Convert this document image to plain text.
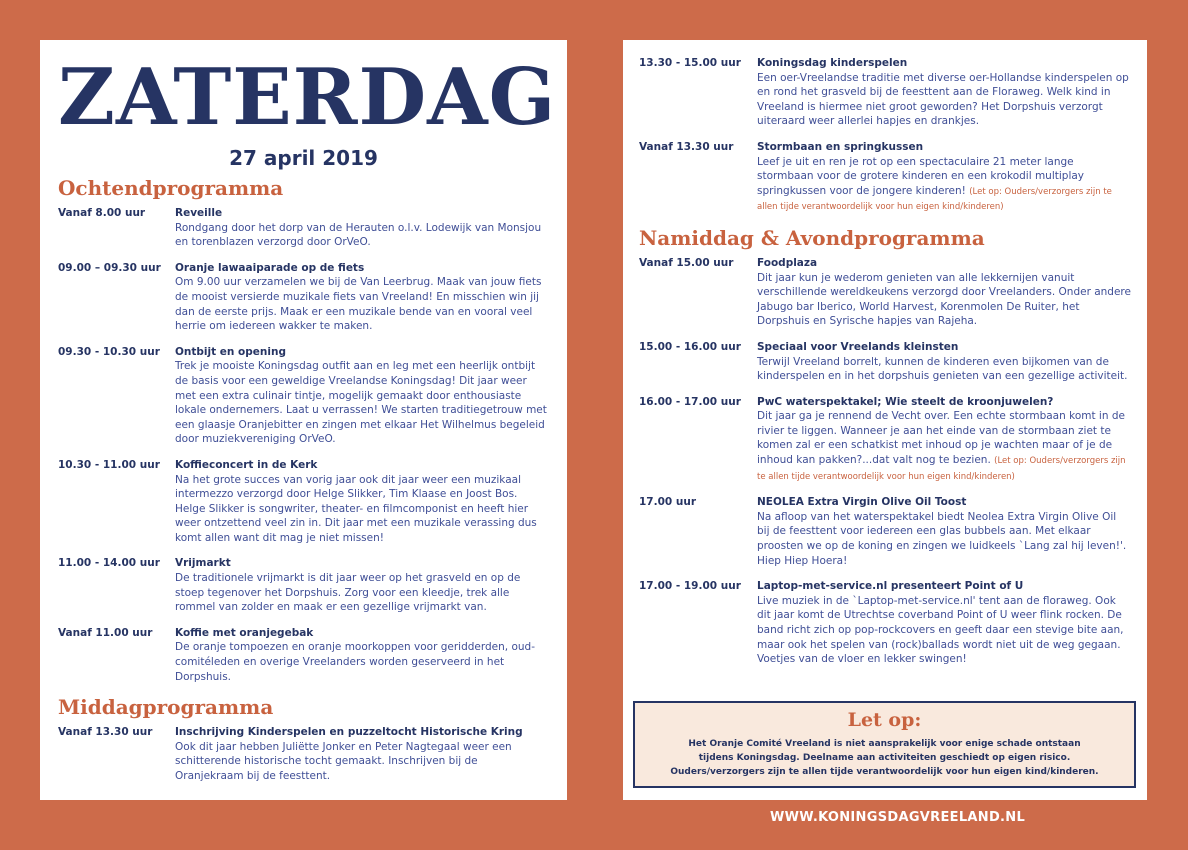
ZATERDAG
27 april 2019
Ochtendprogramma
Vanaf 8.00 uur	Reveille
Rondgang door het dorp van de Herauten o.l.v. Lodewijk van Monsjou en torenblazen verzorgd door OrVeO.
09.00 – 09.30 uur	Oranje lawaaiparade op de fiets
Om 9.00 uur verzamelen we bij de Van Leerbrug. Maak van jouw fiets de mooist versierde muzikale fiets van Vreeland! En misschien win jij dan de eerste prijs. Maak er een muzikale bende van en vooral veel herrie om iedereen wakker te maken.
09.30 - 10.30 uur	Ontbijt en opening
Trek je mooiste Koningsdag outfit aan en leg met een heerlijk ontbijt de basis voor een geweldige Vreelandse Koningsdag! Dit jaar weer met een extra culinair tintje, mogelijk gemaakt door enthousiaste lokale ondernemers. Laat u verrassen! We starten traditiegetrouw met een glaasje Oranjebitter en zingen met elkaar Het Wilhelmus begeleid door muziekvereniging OrVeO.
10.30 - 11.00 uur	Koffieconcert in de Kerk
Na het grote succes van vorig jaar ook dit jaar weer een muzikaal intermezzo verzorgd door Helge Slikker, Tim Klaase en Joost Bos. Helge Slikker is songwriter, theater- en filmcomponist en heeft hier weer ontzettend veel zin in. Dit jaar met een muzikale verassing dus komt allen want dit mag je niet missen!
11.00 - 14.00 uur	Vrijmarkt
De traditionele vrijmarkt is dit jaar weer op het grasveld en op de stoep tegenover het Dorpshuis. Zorg voor een kleedje, trek alle rommel van zolder en maak er een gezellige vrijmarkt van.
Vanaf 11.00 uur	Koffie met oranjegebak
De oranje tompoezen en oranje moorkoppen voor geridderden, oud-comitéleden en overige Vreelanders worden geserveerd in het Dorpshuis.
Middagprogramma
Vanaf 13.30 uur	Inschrijving Kinderspelen en puzzeltocht Historische Kring
Ook dit jaar hebben Juliëtte Jonker en Peter Nagtegaal weer een schitterende historische tocht gemaakt. Inschrijven bij de Oranjekraam bij de feesttent.
13.30 - 15.00 uur	Koningsdag kinderspelen
Een oer-Vreelandse traditie met diverse oer-Hollandse kinderspelen op en rond het grasveld bij de feesttent aan de Floraweg. Welk kind in Vreeland is hiermee niet groot geworden? Het Dorpshuis verzorgt uiteraard weer allerlei hapjes en drankjes.
Vanaf 13.30 uur	Stormbaan en springkussen
Leef je uit en ren je rot op een spectaculaire 21 meter lange stormbaan voor de grotere kinderen en een krokodil multiplay springkussen voor de jongere kinderen! (Let op: Ouders/verzorgers zijn te allen tijde verantwoordelijk voor hun eigen kind/kinderen)
Namiddag & Avondprogramma
Vanaf 15.00 uur	Foodplaza
Dit jaar kun je wederom genieten van alle lekkernijen vanuit verschillende wereldkeukens verzorgd door Vreelanders. Onder andere Jabugo bar Iberico, World Harvest, Korenmolen De Ruiter, het Dorpshuis en Syrische hapjes van Rajeha.
15.00 - 16.00 uur	Speciaal voor Vreelands kleinsten
Terwijl Vreeland borrelt, kunnen de kinderen even bijkomen van de kinderspelen en in het dorpshuis genieten van een gezellige activiteit.
16.00 - 17.00 uur	PwC waterspektakel; Wie steelt de kroonjuwelen?
Dit jaar ga je rennend de Vecht over. Een echte stormbaan komt in de rivier te liggen. Wanneer je aan het einde van de stormbaan ziet te komen zal er een schatkist met inhoud op je wachten maar of je de inhoud kan pakken?...dat valt nog te bezien. (Let op: Ouders/verzorgers zijn te allen tijde verantwoordelijk voor hun eigen kind/kinderen)
17.00 uur	NEOLEA Extra Virgin Olive Oil Toost
Na afloop van het waterspektakel biedt Neolea Extra Virgin Olive Oil bij de feesttent voor iedereen een glas bubbels aan. Met elkaar proosten we op de koning en zingen we luidkeels `Lang zal hij leven!'. Hiep Hiep Hoera!
17.00 - 19.00 uur	Laptop-met-service.nl presenteert Point of U
Live muziek in de `Laptop-met-service.nl' tent aan de floraweg. Ook dit jaar komt de Utrechtse coverband Point of U weer flink rocken. De band richt zich op pop-rockcovers en geeft daar een stevige bite aan, maar ook het spelen van (rock)ballads wordt niet uit de weg gegaan. Voetjes van de vloer en lekker swingen!
Let op:
Het Oranje Comité Vreeland is niet aansprakelijk voor enige schade ontstaan
tijdens Koningsdag. Deelname aan activiteiten geschiedt op eigen risico.
Ouders/verzorgers zijn te allen tijde verantwoordelijk voor hun eigen kind/kinderen.
WWW.KONINGSDAGVREELAND.NL
